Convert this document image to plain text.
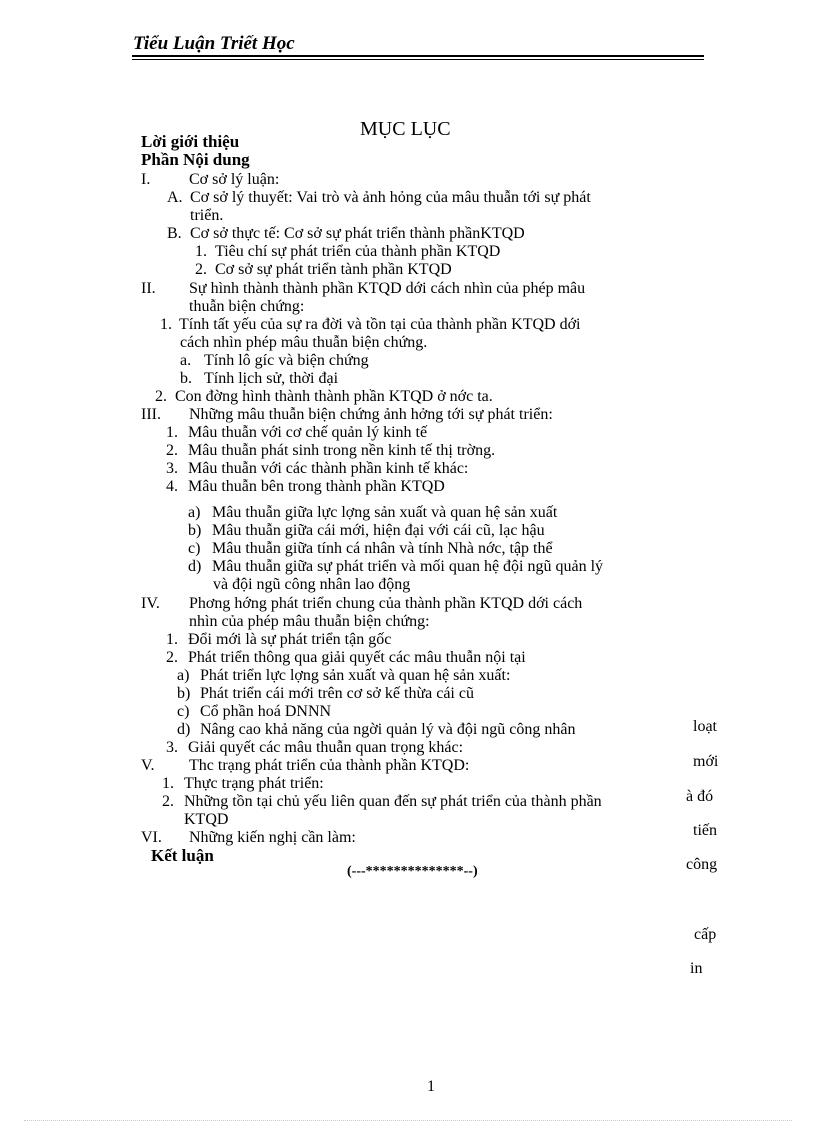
Tiểu Luận Triết Học
MỤC LỤC
Lời giới thiệu
Phần Nội dung
I. Cơ sở lý luận:
A. Cơ sở lý thuyết: Vai trò và ảnh hỏng của mâu thuẫn tới sự phát
triển.
B. Cơ sở thực tế: Cơ sở sự phát triển thành phầnKTQD
1. Tiêu chí sự phát triển của thành phần KTQD
2. Cơ sở sự phát triển tành phần KTQD
II. Sự hình thành thành phần KTQD dới cách nhìn của phép mâu
thuẫn biện chứng:
1. Tính tất yếu của sự ra đời và tồn tại của thành phần KTQD dới
cách nhìn phép mâu thuẫn biện chứng.
a. Tính lô gíc và biện chứng
b. Tính lịch sử, thời đại
2. Con đờng hình thành thành phần KTQD ở nớc ta.
III. Những mâu thuẫn biện chứng ảnh hởng tới sự phát triển:
1. Mâu thuẫn với cơ chế quản lý kinh tế
2. Mâu thuẫn phát sinh trong nền kinh tế thị trờng.
3. Mâu thuẫn với các thành phần kinh tế khác:
4. Mâu thuẫn bên trong thành phần KTQD
a) Mâu thuẫn giữa lực lợng sản xuất và quan hệ sản xuất
b) Mâu thuẫn giữa cái mới, hiện đại với cái cũ, lạc hậu
c) Mâu thuẫn giữa tính cá nhân và tính Nhà nớc, tập thể
d) Mâu thuẫn giữa sự phát triển và mối quan hệ đội ngũ quản lý
và đội ngũ công nhân lao động
IV. Phơng hớng phát triển chung của thành phần KTQD dới cách
nhìn của phép mâu thuẫn biện chứng:
1. Đổi mới là sự phát triển tận gốc
2. Phát triển thông qua giải quyết các mâu thuẫn nội tại
a) Phát triển lực lợng sản xuất và quan hệ sản xuất:
b) Phát triển cái mới trên cơ sở kế thừa cái cũ
c) Cổ phần hoá DNNN
d) Nâng cao khả năng của ngời quản lý và đội ngũ công nhân
3. Giải quyết các mâu thuẫn quan trọng khác:
V. Thc trạng phát triển của thành phần KTQD:
1. Thực trạng phát triển:
2. Những tồn tại chủ yếu liên quan đến sự phát triển của thành phần
KTQD
VI. Những kiến nghị cần làm:
Kết luận
(---**************--)
loạt
mới
à đó
tiến
công
cấp
in
1
